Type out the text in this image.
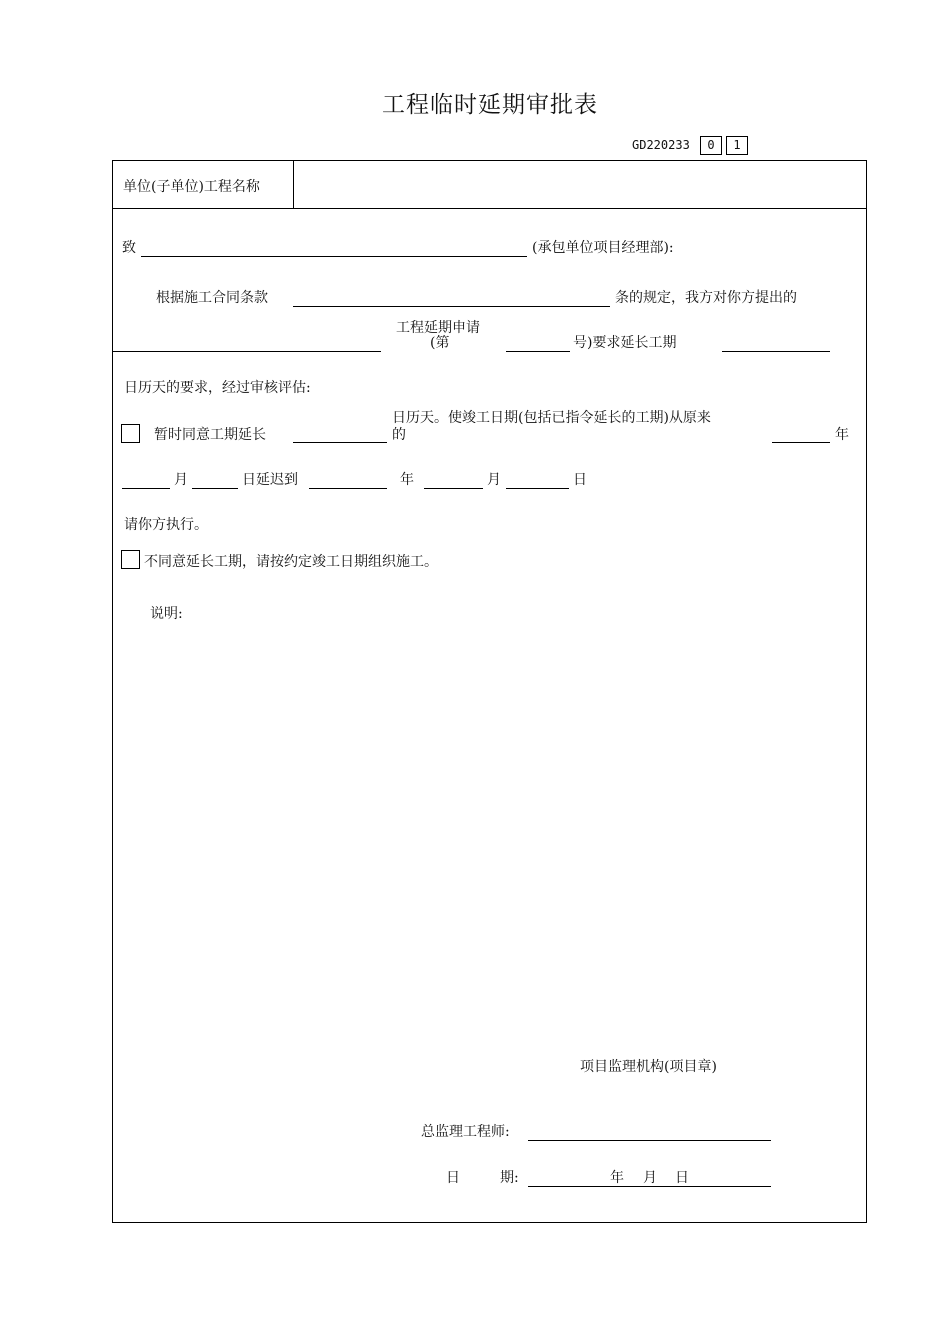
工程临时延期审批表
GD220233	0	1
单位(子单位)工程名称
致	(承包单位项目经理部):
根据施工合同条款	条的规定，我方对你方提出的
工程延期申请
(第	号)要求延长工期
日历天的要求，经过审核评估:
暂时同意工期延长
日历天。使竣工日期(包括已指令延长的工期)从原来
的	年
月	日延迟到	年	月	日
请你方执行。
不同意延长工期，请按约定竣工日期组织施工。
说明:
项目监理机构(项目章)
总监理工程师:
日	期:	年 月 日
